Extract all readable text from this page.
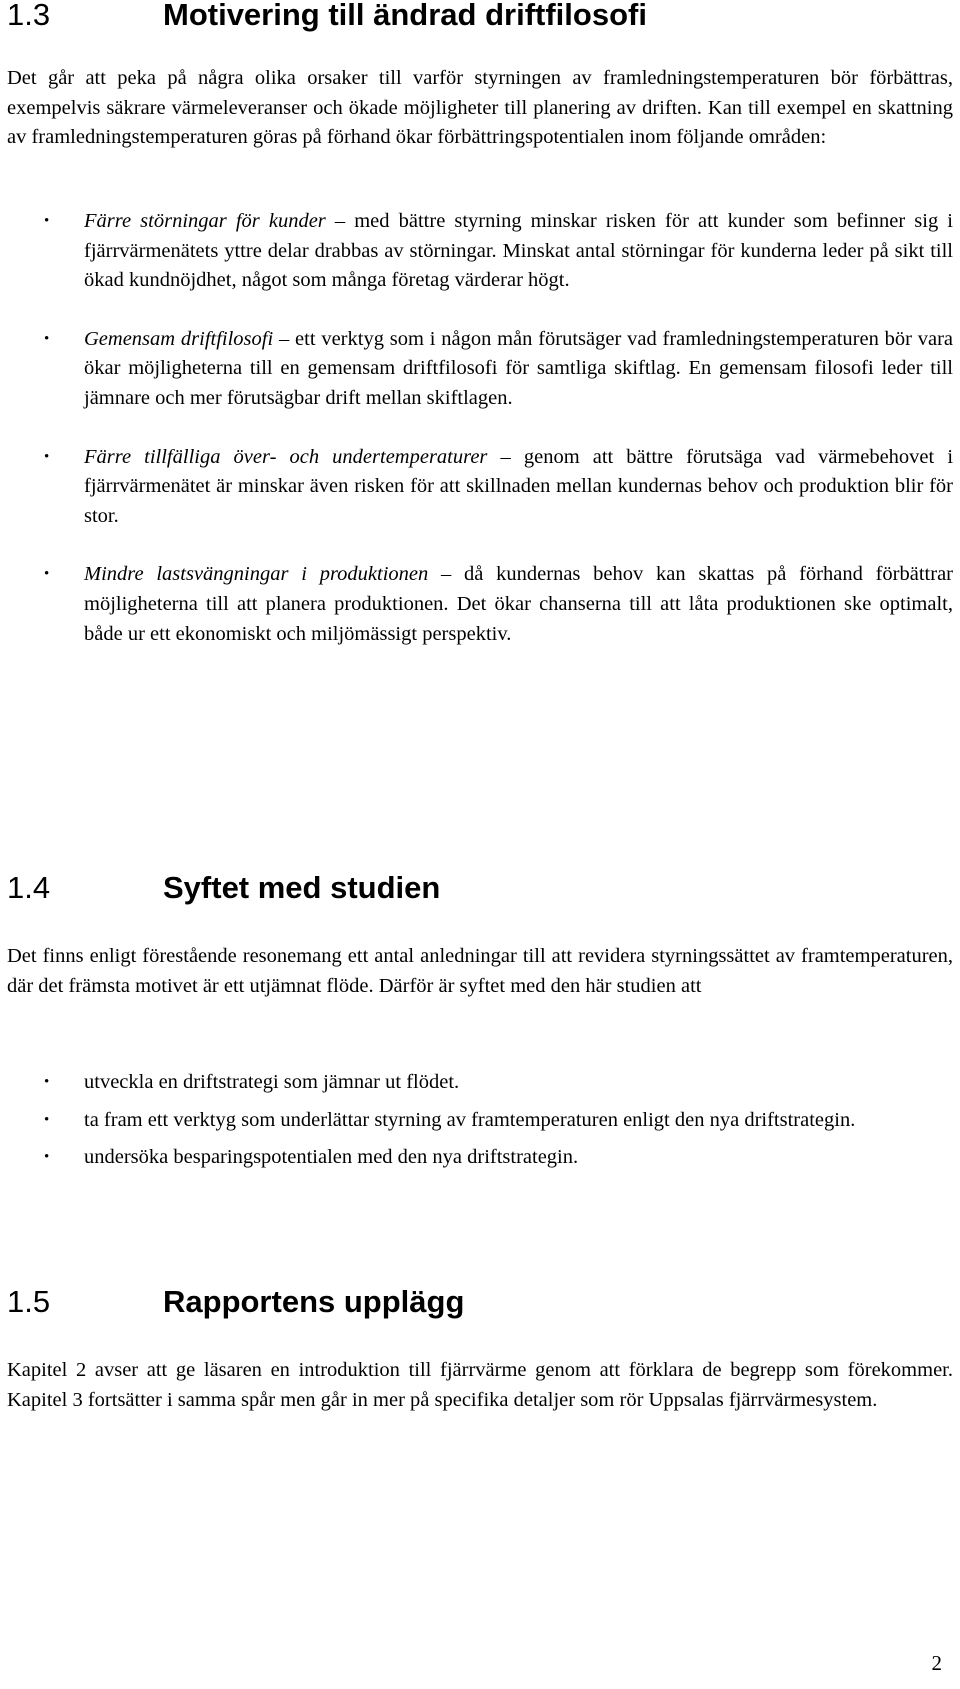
1.3	Motivering till ändrad driftfilosofi

Det går att peka på några olika orsaker till varför styrningen av framledningstemperaturen bör förbättras, exempelvis säkrare värmeleveranser och ökade möjligheter till planering av driften. Kan till exempel en skattning av framledningstemperaturen göras på förhand ökar förbättringspotentialen inom följande områden:

• Färre störningar för kunder – med bättre styrning minskar risken för att kunder som befinner sig i fjärrvärmenätets yttre delar drabbas av störningar. Minskat antal störningar för kunderna leder på sikt till ökad kundnöjdhet, något som många företag värderar högt.
• Gemensam driftfilosofi – ett verktyg som i någon mån förutsäger vad framledningstemperaturen bör vara ökar möjligheterna till en gemensam driftfilosofi för samtliga skiftlag. En gemensam filosofi leder till jämnare och mer förutsägbar drift mellan skiftlagen.
• Färre tillfälliga över- och undertemperaturer – genom att bättre förutsäga vad värmebehovet i fjärrvärmenätet är minskar även risken för att skillnaden mellan kundernas behov och produktion blir för stor.
• Mindre lastsvängningar i produktionen – då kundernas behov kan skattas på förhand förbättrar möjligheterna till att planera produktionen. Det ökar chanserna till att låta produktionen ske optimalt, både ur ett ekonomiskt och miljömässigt perspektiv.
1.4	Syftet med studien

Det finns enligt förestående resonemang ett antal anledningar till att revidera styrningssättet av framtemperaturen, där det främsta motivet är ett utjämnat flöde. Därför är syftet med den här studien att

• utveckla en driftstrategi som jämnar ut flödet.
• ta fram ett verktyg som underlättar styrning av framtemperaturen enligt den nya driftstrategin.
• undersöka besparingspotentialen med den nya driftstrategin.
1.5	Rapportens upplägg

Kapitel 2 avser att ge läsaren en introduktion till fjärrvärme genom att förklara de begrepp som förekommer. Kapitel 3 fortsätter i samma spår men går in mer på specifika detaljer som rör Uppsalas fjärrvärmesystem.

2
